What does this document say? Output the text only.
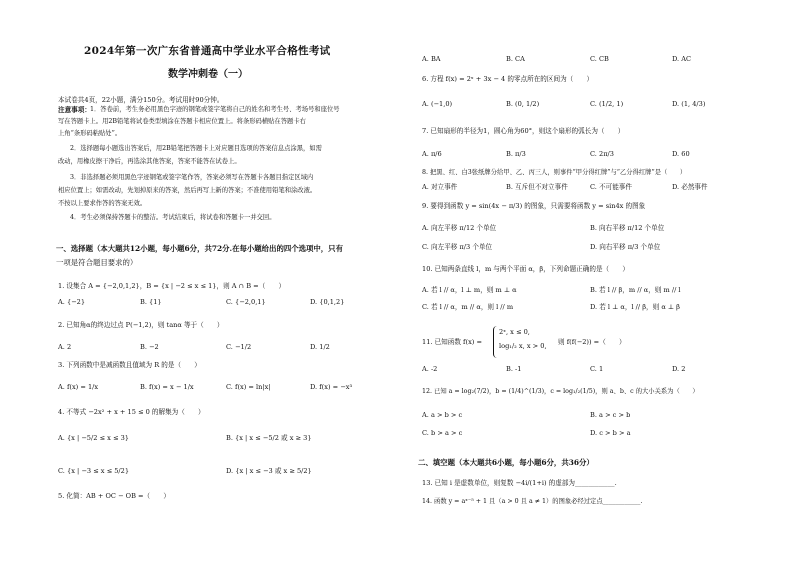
2024年第一次广东省普通高中学业水平合格性考试
数学冲刺卷（一）
本试卷共4页，22小题，满分150分。考试用时90分钟。
注意事项： 1．答卷前，考生务必用黑色字迹的钢笔或签字笔将自己的姓名和考生号、考场号和座位号
写在答题卡上。用2B铅笔将试卷类型填涂在答题卡相应位置上。将条形码横贴在答题卡右
上角“条形码粘贴处”。
2．选择题每小题选出答案后，用2B铅笔把答题卡上对应题目选项的答案信息点涂黑，如需
改动，用橡皮擦干净后，再选涂其他答案，答案不能答在试卷上。
3．非选择题必须用黑色字迹钢笔或签字笔作答，答案必须写在答题卡各题目指定区域内
相应位置上；如需改动，先划掉原来的答案，然后再写上新的答案；不准使用铅笔和涂改液。
不按以上要求作答的答案无效。
4．考生必须保持答题卡的整洁。考试结束后，将试卷和答题卡一并交回。
一、选择题（本大题共12小题，每小题6分，共72分.在每小题给出的四个选项中，只有
一项是符合题目要求的）
1. 设集合 A = {−2,0,1,2}，B = {x | −2 ≤ x ≤ 1}，则 A ∩ B =（　　）
A. {−2}	B. {1}	C. {−2,0,1}	D. {0,1,2}
2. 已知角α的终边过点 P(−1,2)，则 tanα 等于（　　）
A. 2	B. −2	C. −1/2	D. 1/2
3. 下列函数中是减函数且值域为 R 的是（　　）
A. f(x) = 1/x	B. f(x) = x − 1/x	C. f(x) = ln|x|	D. f(x) = −x³
4. 不等式 −2x² + x + 15 ≤ 0 的解集为（　　）
A. {x | −5/2 ≤ x ≤ 3}	B. {x | x ≤ −5/2 或 x ≥ 3}
C. {x | −3 ≤ x ≤ 5/2}	D. {x | x ≤ −3 或 x ≥ 5/2}
5. 化简：AB + OC − OB =（　　）
A. BA	B. CA	C. CB	D. AC
6. 方程 f(x) = 2ˣ + 3x − 4 的零点所在的区间为（　　）
A. (−1,0)	B. (0, 1/2)	C. (1/2, 1)	D. (1, 4/3)
7. 已知扇形的半径为1，圆心角为60°，则这个扇形的弧长为（　　）
A. π/6	B. π/3	C. 2π/3	D. 60
8. 把黑、红、白3张纸牌分给甲、乙、丙三人，则事件“甲分得红牌”与“乙分得红牌”是（　　）
A. 对立事件	B. 互斥但不对立事件	C. 不可能事件	D. 必然事件
9. 要得到函数 y = sin(4x − π/3) 的图象，只需要将函数 y = sin4x 的图象
A. 向左平移 π/12 个单位	B. 向右平移 π/12 个单位
C. 向左平移 π/3 个单位	D. 向右平移 π/3 个单位
10. 已知两条直线 l，m 与两个平面 α，β，下列命题正确的是（　　）
A. 若 l // α，l ⊥ m，则 m ⊥ α	B. 若 l // β，m // α，则 m // l
C. 若 l // α，m // α，则 l // m	D. 若 l ⊥ α，l // β，则 α ⊥ β
11. 已知函数 f(x) =
2ˣ, x ≤ 0,
log₁/₂ x, x > 0, 则 f(f(−2)) =（　　）
A. -2	B. -1	C. 1	D. 2
12. 已知 a = log₂(7/2)，b = (1/4)^(1/3)，c = log₁/₂(1/5)，则 a、b、c 的大小关系为（　　）
A. a > b > c	B. a > c > b
C. b > a > c	D. c > b > a
二、填空题（本大题共6小题，每小题6分，共36分）
13. 已知 i 是虚数单位，则复数 −4i/(1+i) 的虚部为____________.
14. 函数 y = aˣ⁻⁵ + 1 且（a > 0 且 a ≠ 1）的图象必经过定点____________.
